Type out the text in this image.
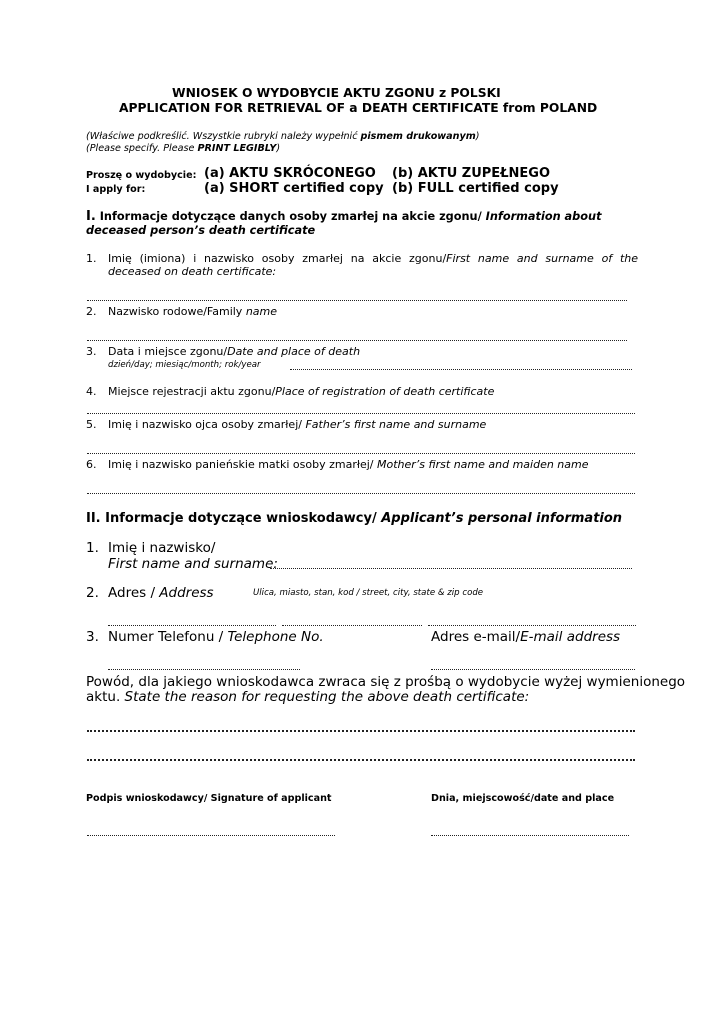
WNIOSEK O WYDOBYCIE AKTU ZGONU z POLSKI
APPLICATION FOR RETRIEVAL OF a DEATH CERTIFICATE from POLAND
(Właściwe podkreślić. Wszystkie rubryki należy wypełnić pismem drukowanym)
(Please specify. Please PRINT LEGIBLY)
Proszę o wydobycie:
I apply for:
(a) AKTU SKRÓCONEGO (b) AKTU ZUPEŁNEGO
(a) SHORT certified copy (b) FULL certified copy
I. Informacje dotyczące danych osoby zmarłej na akcie zgonu/ Information about
deceased person’s death certificate
1. Imię (imiona) i nazwisko osoby zmarłej na akcie zgonu/First name and surname of the
deceased on death certificate:
2. Nazwisko rodowe/Family name
3. Data i miejsce zgonu/Date and place of death
dzień/day; miesiąc/month; rok/year
4. Miejsce rejestracji aktu zgonu/Place of registration of death certificate
5. Imię i nazwisko ojca osoby zmarłej/ Father’s first name and surname
6. Imię i nazwisko panieńskie matki osoby zmarłej/ Mother’s first name and maiden name
II. Informacje dotyczące wnioskodawcy/ Applicant’s personal information
1. Imię i nazwisko/
First name and surname:
2. Adres / Address	Ulica, miasto, stan, kod / street, city, state & zip code
3. Numer Telefonu / Telephone No.	Adres e-mail/E-mail address
Powód, dla jakiego wnioskodawca zwraca się z prośbą o wydobycie wyżej wymienionego
aktu. State the reason for requesting the above death certificate:
Podpis wnioskodawcy/ Signature of applicant	Dnia, miejscowość/date and place
